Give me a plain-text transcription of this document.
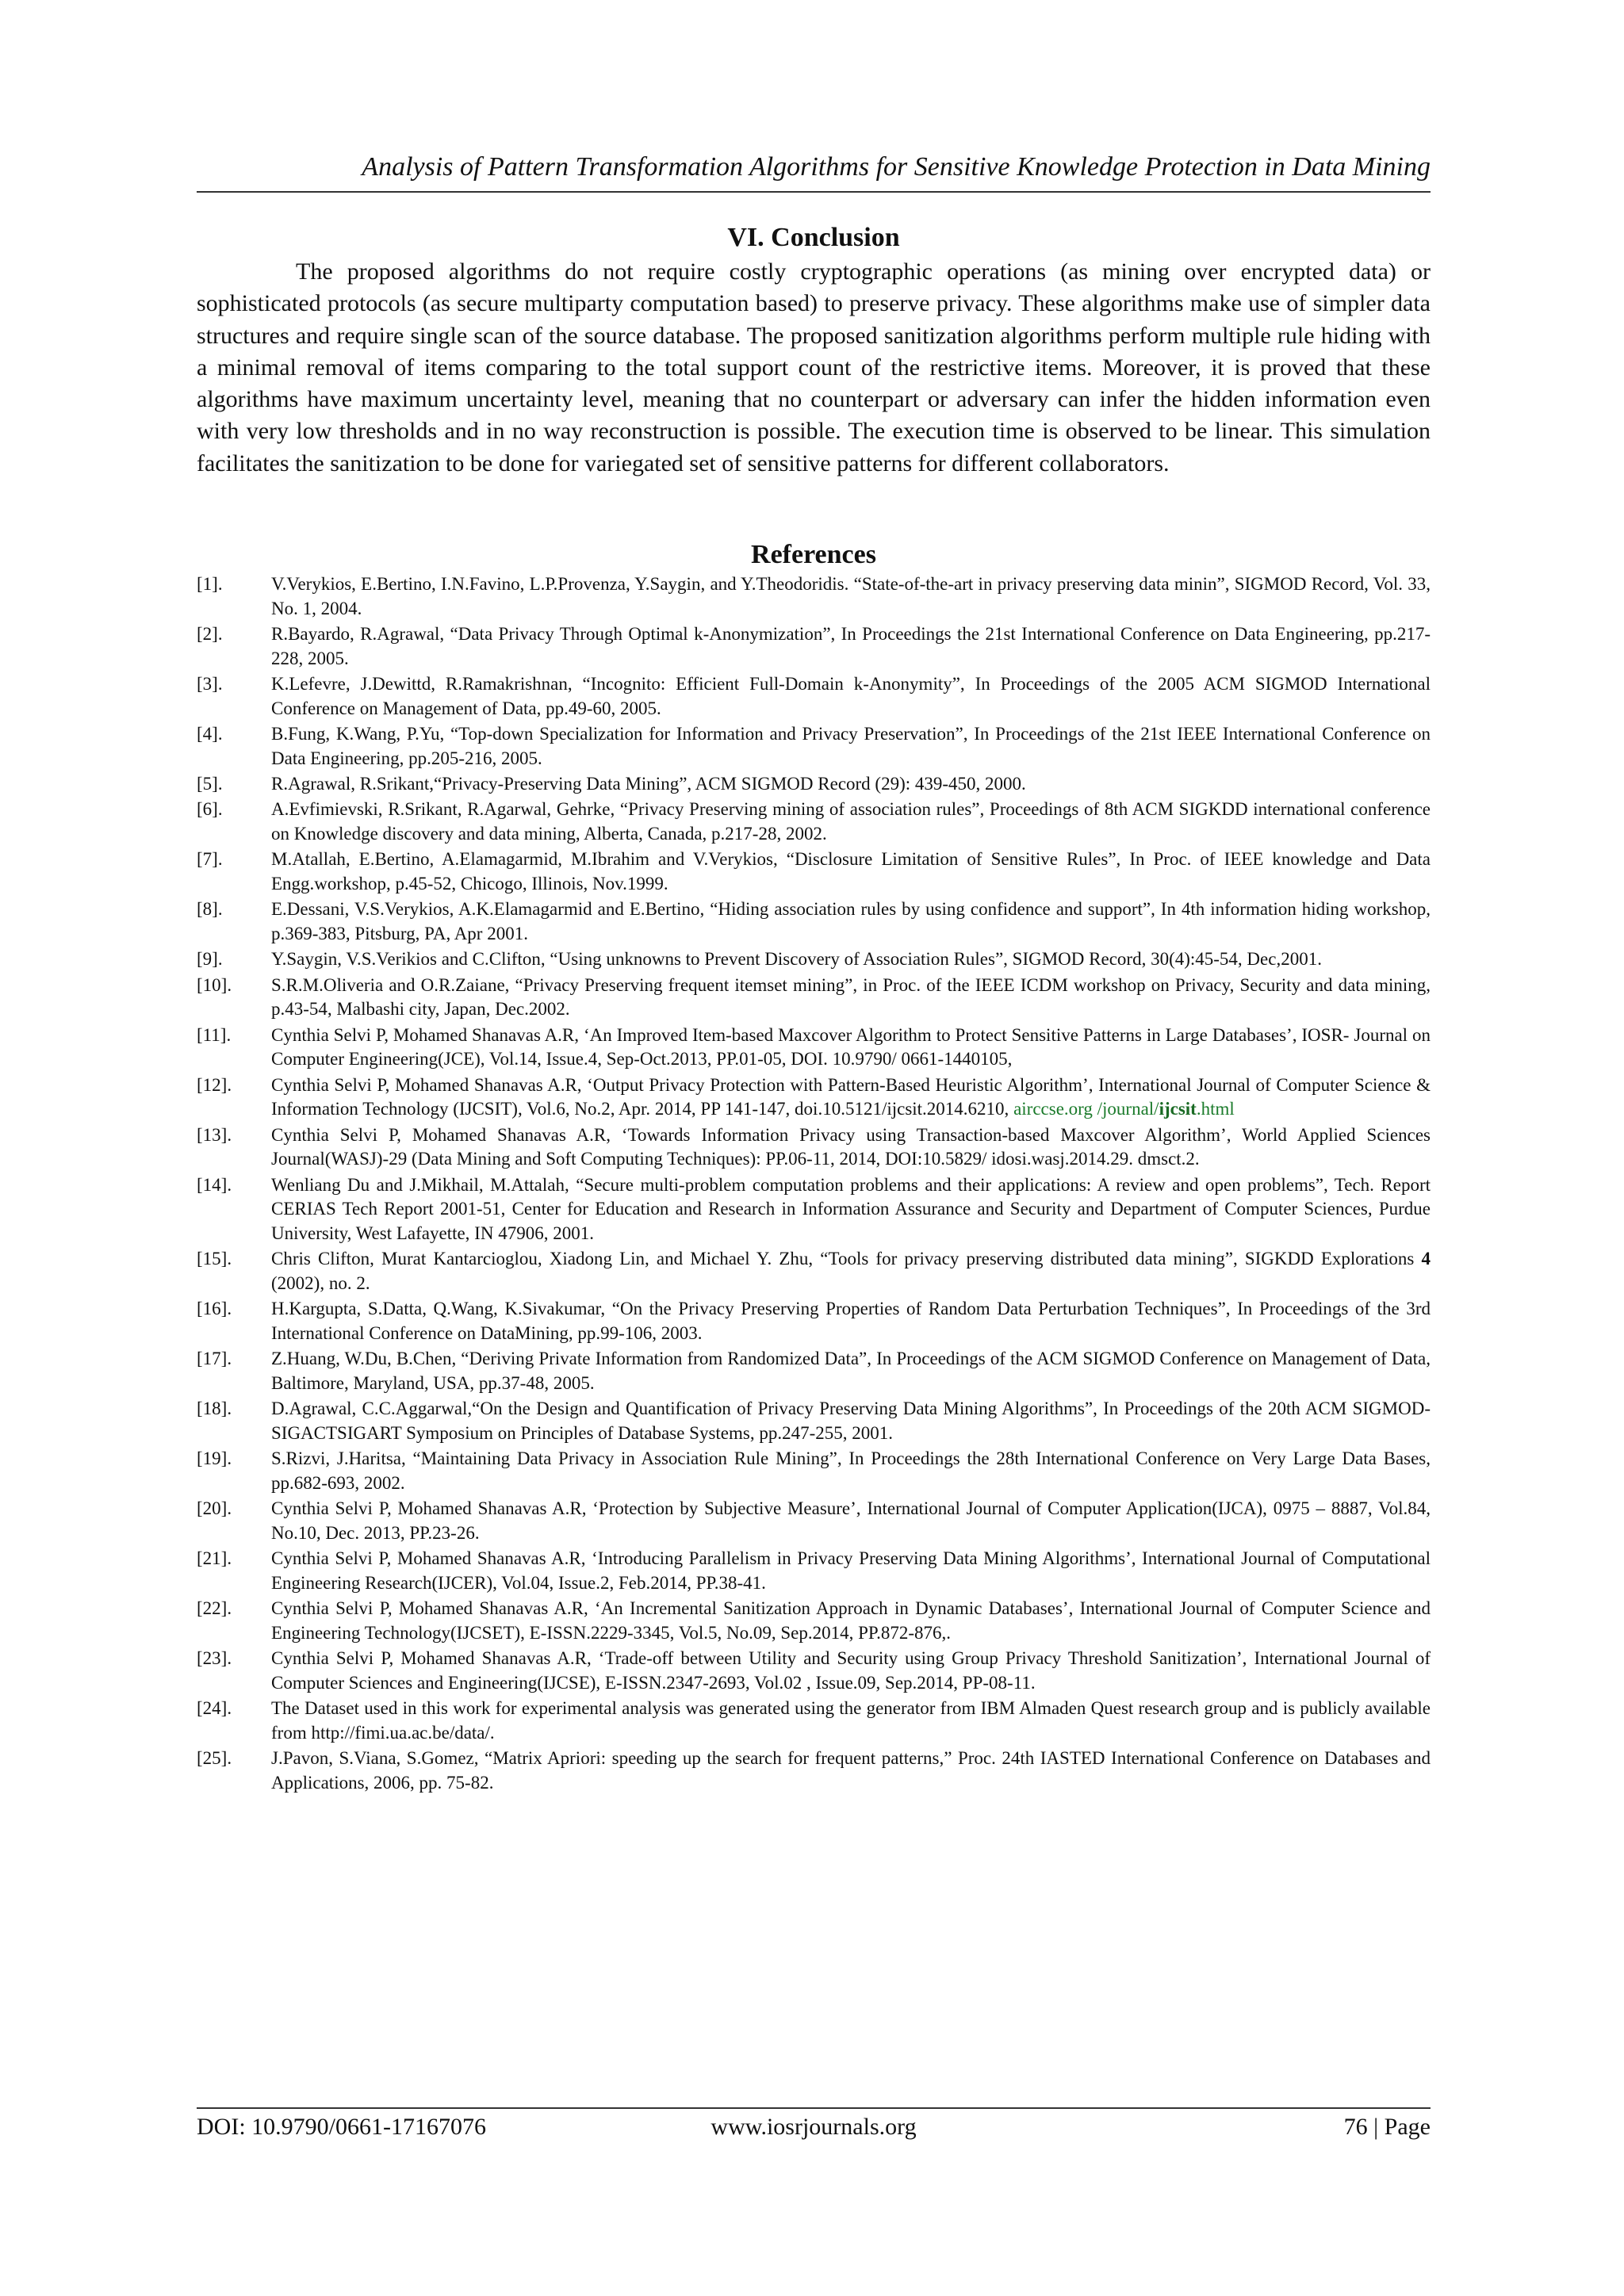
Analysis of Pattern Transformation Algorithms for Sensitive Knowledge Protection in Data Mining
VI. Conclusion

The proposed algorithms do not require costly cryptographic operations (as mining over encrypted data) or sophisticated protocols (as secure multiparty computation based) to preserve privacy. These algorithms make use of simpler data structures and require single scan of the source database. The proposed sanitization algorithms perform multiple rule hiding with a minimal removal of items comparing to the total support count of the restrictive items. Moreover, it is proved that these algorithms have maximum uncertainty level, meaning that no counterpart or adversary can infer the hidden information even with very low thresholds and in no way reconstruction is possible. The execution time is observed to be linear. This simulation facilitates the sanitization to be done for variegated set of sensitive patterns for different collaborators.

References
[1].	V.Verykios, E.Bertino, I.N.Favino, L.P.Provenza, Y.Saygin, and Y.Theodoridis. “State-of-the-art in privacy preserving data minin”, SIGMOD Record, Vol. 33, No. 1, 2004.
[2].	R.Bayardo, R.Agrawal, “Data Privacy Through Optimal k-Anonymization”, In Proceedings the 21st International Conference on Data Engineering, pp.217-228, 2005.
[3].	K.Lefevre, J.Dewittd, R.Ramakrishnan, “Incognito: Efficient Full-Domain k-Anonymity”, In Proceedings of the 2005 ACM SIGMOD International Conference on Management of Data, pp.49-60, 2005.
[4].	B.Fung, K.Wang, P.Yu, “Top-down Specialization for Information and Privacy Preservation”, In Proceedings of the 21st IEEE International Conference on Data Engineering, pp.205-216, 2005.
[5].	R.Agrawal, R.Srikant,“Privacy-Preserving Data Mining”, ACM SIGMOD Record (29): 439-450, 2000.
[6].	A.Evfimievski, R.Srikant, R.Agarwal, Gehrke, “Privacy Preserving mining of association rules”, Proceedings of 8th ACM SIGKDD international conference on Knowledge discovery and data mining, Alberta, Canada, p.217-28, 2002.
[7].	M.Atallah, E.Bertino, A.Elamagarmid, M.Ibrahim and V.Verykios, “Disclosure Limitation of Sensitive Rules”, In Proc. of IEEE knowledge and Data Engg.workshop, p.45-52, Chicogo, Illinois, Nov.1999.
[8].	E.Dessani, V.S.Verykios, A.K.Elamagarmid and E.Bertino, “Hiding association rules by using confidence and support”, In 4th information hiding workshop, p.369-383, Pitsburg, PA, Apr 2001.
[9].	Y.Saygin, V.S.Verikios and C.Clifton, “Using unknowns to Prevent Discovery of Association Rules”, SIGMOD Record, 30(4):45-54, Dec,2001.
[10].	S.R.M.Oliveria and O.R.Zaiane, “Privacy Preserving frequent itemset mining”, in Proc. of the IEEE ICDM workshop on Privacy, Security and data mining, p.43-54, Malbashi city, Japan, Dec.2002.
[11].	Cynthia Selvi P, Mohamed Shanavas A.R, ‘An Improved Item-based Maxcover Algorithm to Protect Sensitive Patterns in Large Databases’, IOSR- Journal on Computer Engineering(JCE), Vol.14, Issue.4, Sep-Oct.2013, PP.01-05, DOI. 10.9790/ 0661-1440105,
[12].	Cynthia Selvi P, Mohamed Shanavas A.R, ‘Output Privacy Protection with Pattern-Based Heuristic Algorithm’, International Journal of Computer Science & Information Technology (IJCSIT), Vol.6, No.2, Apr. 2014, PP 141-147, doi.10.5121/ijcsit.2014.6210, airccse.org /journal/ijcsit.html
[13].	Cynthia Selvi P, Mohamed Shanavas A.R, ‘Towards Information Privacy using Transaction-based Maxcover Algorithm’, World Applied Sciences Journal(WASJ)-29 (Data Mining and Soft Computing Techniques): PP.06-11, 2014, DOI:10.5829/ idosi.wasj.2014.29. dmsct.2.
[14].	Wenliang Du and J.Mikhail, M.Attalah, “Secure multi-problem computation problems and their applications: A review and open problems”, Tech. Report CERIAS Tech Report 2001-51, Center for Education and Research in Information Assurance and Security and Department of Computer Sciences, Purdue University, West Lafayette, IN 47906, 2001.
[15].	Chris Clifton, Murat Kantarcioglou, Xiadong Lin, and Michael Y. Zhu, “Tools for privacy preserving distributed data mining”, SIGKDD Explorations 4 (2002), no. 2.
[16].	H.Kargupta, S.Datta, Q.Wang, K.Sivakumar, “On the Privacy Preserving Properties of Random Data Perturbation Techniques”, In Proceedings of the 3rd International Conference on DataMining, pp.99-106, 2003.
[17].	Z.Huang, W.Du, B.Chen, “Deriving Private Information from Randomized Data”, In Proceedings of the ACM SIGMOD Conference on Management of Data, Baltimore, Maryland, USA, pp.37-48, 2005.
[18].	D.Agrawal, C.C.Aggarwal,“On the Design and Quantification of Privacy Preserving Data Mining Algorithms”, In Proceedings of the 20th ACM SIGMOD-SIGACTSIGART Symposium on Principles of Database Systems, pp.247-255, 2001.
[19].	S.Rizvi, J.Haritsa, “Maintaining Data Privacy in Association Rule Mining”, In Proceedings the 28th International Conference on Very Large Data Bases, pp.682-693, 2002.
[20].	Cynthia Selvi P, Mohamed Shanavas A.R, ‘Protection by Subjective Measure’, International Journal of Computer Application(IJCA), 0975 – 8887, Vol.84, No.10, Dec. 2013, PP.23-26.
[21].	Cynthia Selvi P, Mohamed Shanavas A.R, ‘Introducing Parallelism in Privacy Preserving Data Mining Algorithms’, International Journal of Computational Engineering Research(IJCER), Vol.04, Issue.2, Feb.2014, PP.38-41.
[22].	Cynthia Selvi P, Mohamed Shanavas A.R, ‘An Incremental Sanitization Approach in Dynamic Databases’, International Journal of Computer Science and Engineering Technology(IJCSET), E-ISSN.2229-3345, Vol.5, No.09, Sep.2014, PP.872-876,.
[23].	Cynthia Selvi P, Mohamed Shanavas A.R, ‘Trade-off between Utility and Security using Group Privacy Threshold Sanitization’, International Journal of Computer Sciences and Engineering(IJCSE), E-ISSN.2347-2693, Vol.02 , Issue.09, Sep.2014, PP-08-11.
[24].	The Dataset used in this work for experimental analysis was generated using the generator from IBM Almaden Quest research group and is publicly available from http://fimi.ua.ac.be/data/.
[25].	J.Pavon, S.Viana, S.Gomez, “Matrix Apriori: speeding up the search for frequent patterns,” Proc. 24th IASTED International Conference on Databases and Applications, 2006, pp. 75-82.
DOI: 10.9790/0661-17167076	www.iosrjournals.org	76 | Page
